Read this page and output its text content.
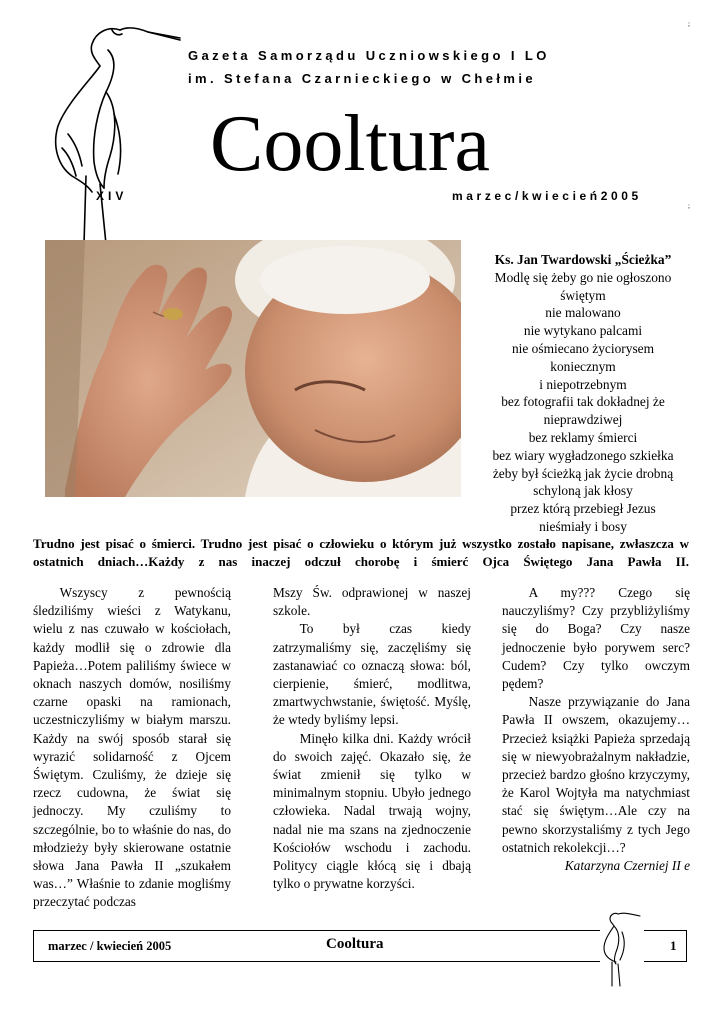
Gazeta Samorządu Uczniowskiego I LO
im. Stefana Czarnieckiego w Chełmie
Cooltura
XIV	marzec/kwiecień2005
;
;
Ks. Jan Twardowski „Ścieżka”
Modlę się żeby go nie ogłoszono
świętym
nie malowano
nie wytykano palcami
nie ośmiecano życiorysem
koniecznym
i niepotrzebnym
bez fotografii tak dokładnej że
nieprawdziwej
bez reklamy śmierci
bez wiary wygładzonego szkiełka
żeby był ścieżką jak życie drobną
schyloną jak kłosy
przez którą przebiegł Jezus
nieśmiały i bosy
Trudno jest pisać o śmierci. Trudno jest pisać o człowieku o którym już wszystko zostało napisane, zwłaszcza w ostatnich dniach…Każdy z nas inaczej odczuł chorobę i śmierć Ojca Świętego Jana Pawła II.

Wszyscy z pewnością śledziliśmy wieści z Watykanu, wielu z nas czuwało w kościołach, każdy modlił się o zdrowie dla Papieża…Potem paliliśmy świece w oknach naszych domów, nosiliśmy czarne opaski na ramionach, uczestniczyliśmy w białym marszu. Każdy na swój sposób starał się wyrazić solidarność z Ojcem Świętym. Czuliśmy, że dzieje się rzecz cudowna, że świat się jednoczy. My czuliśmy to szczególnie, bo to właśnie do nas, do młodzieży były skierowane ostatnie słowa Jana Pawła II „szukałem was…” Właśnie to zdanie mogliśmy przeczytać podczas

Mszy Św. odprawionej w naszej szkole.

To był czas kiedy zatrzymaliśmy się, zaczęliśmy się zastanawiać co oznaczą słowa: ból, cierpienie, śmierć, modlitwa, zmartwychwstanie, świętość. Myślę, że wtedy byliśmy lepsi.

Minęło kilka dni. Każdy wrócił do swoich zajęć. Okazało się, że świat zmienił się tylko w minimalnym stopniu. Ubyło jednego człowieka. Nadal trwają wojny, nadal nie ma szans na zjednoczenie Kościołów wschodu i zachodu. Politycy ciągle kłócą się i dbają tylko o prywatne korzyści.

A my??? Czego się nauczyliśmy? Czy przybliżyliśmy się do Boga? Czy nasze jednoczenie było porywem serc? Cudem? Czy tylko owczym pędem?

Nasze przywiązanie do Jana Pawła II owszem, okazujemy…Przecież książki Papieża sprzedają się w niewyobrażalnym nakładzie, przecież bardzo głośno krzyczymy, że Karol Wojtyła ma natychmiast stać się świętym…Ale czy na pewno skorzystaliśmy z tych Jego ostatnich rekolekcji…?

Katarzyna Czerniej II e

marzec / kwiecień 2005	Cooltura	1
